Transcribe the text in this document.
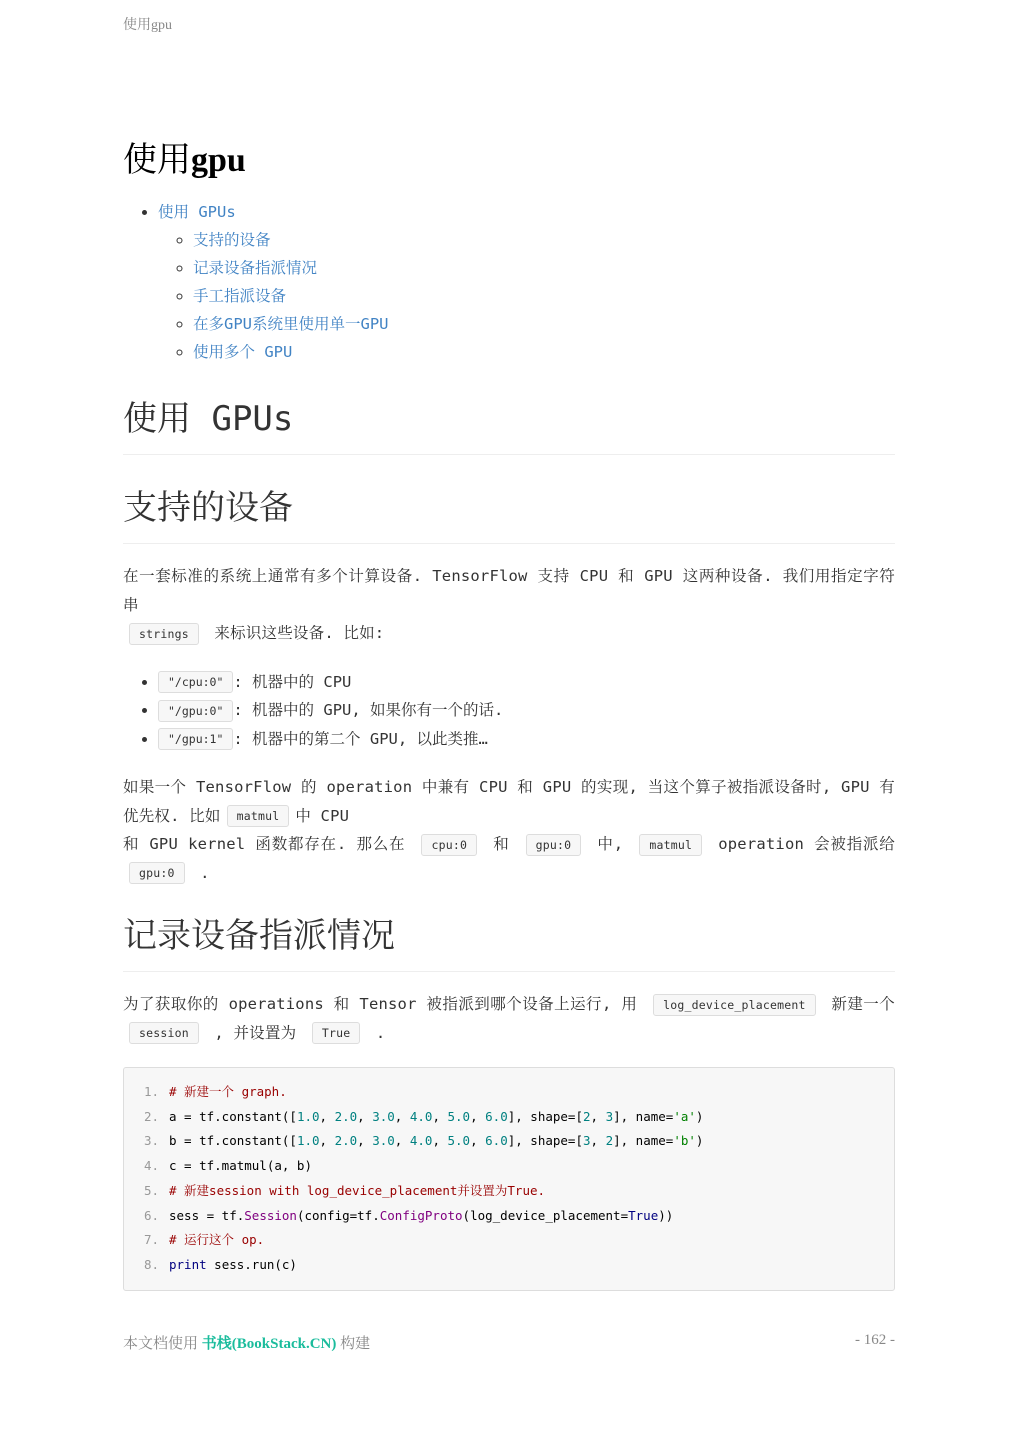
使用gpu
使用gpu
• 使用 GPUs
◦ 支持的设备
◦ 记录设备指派情况
◦ 手工指派设备
◦ 在多GPU系统里使用单一GPU
◦ 使用多个 GPU
使用 GPUs
支持的设备

在一套标准的系统上通常有多个计算设备. TensorFlow 支持 CPU 和 GPU 这两种设备. 我们用指定字符串
strings 来标识这些设备. 比如:

• "/cpu:0" : 机器中的 CPU
• "/gpu:0" : 机器中的 GPU, 如果你有一个的话.
• "/gpu:1" : 机器中的第二个 GPU, 以此类推…

如果一个 TensorFlow 的 operation 中兼有 CPU 和 GPU 的实现, 当这个算子被指派设备时, GPU 有优先权. 比如 matmul 中 CPU
和 GPU kernel 函数都存在. 那么在 cpu:0 和 gpu:0 中, matmul operation 会被指派给 gpu:0 .

记录设备指派情况

为了获取你的 operations 和 Tensor 被指派到哪个设备上运行, 用 log_device_placement 新建一个 session , 并设置为 True .

1. # 新建一个 graph.
2. a = tf.constant([1.0, 2.0, 3.0, 4.0, 5.0, 6.0], shape=[2, 3], name='a')
3. b = tf.constant([1.0, 2.0, 3.0, 4.0, 5.0, 6.0], shape=[3, 2], name='b')
4. c = tf.matmul(a, b)
5. # 新建session with log_device_placement并设置为True.
6. sess = tf.Session(config=tf.ConfigProto(log_device_placement=True))
7. # 运行这个 op.
8. print sess.run(c)
本文档使用 书栈(BookStack.CN) 构建	- 162 -
